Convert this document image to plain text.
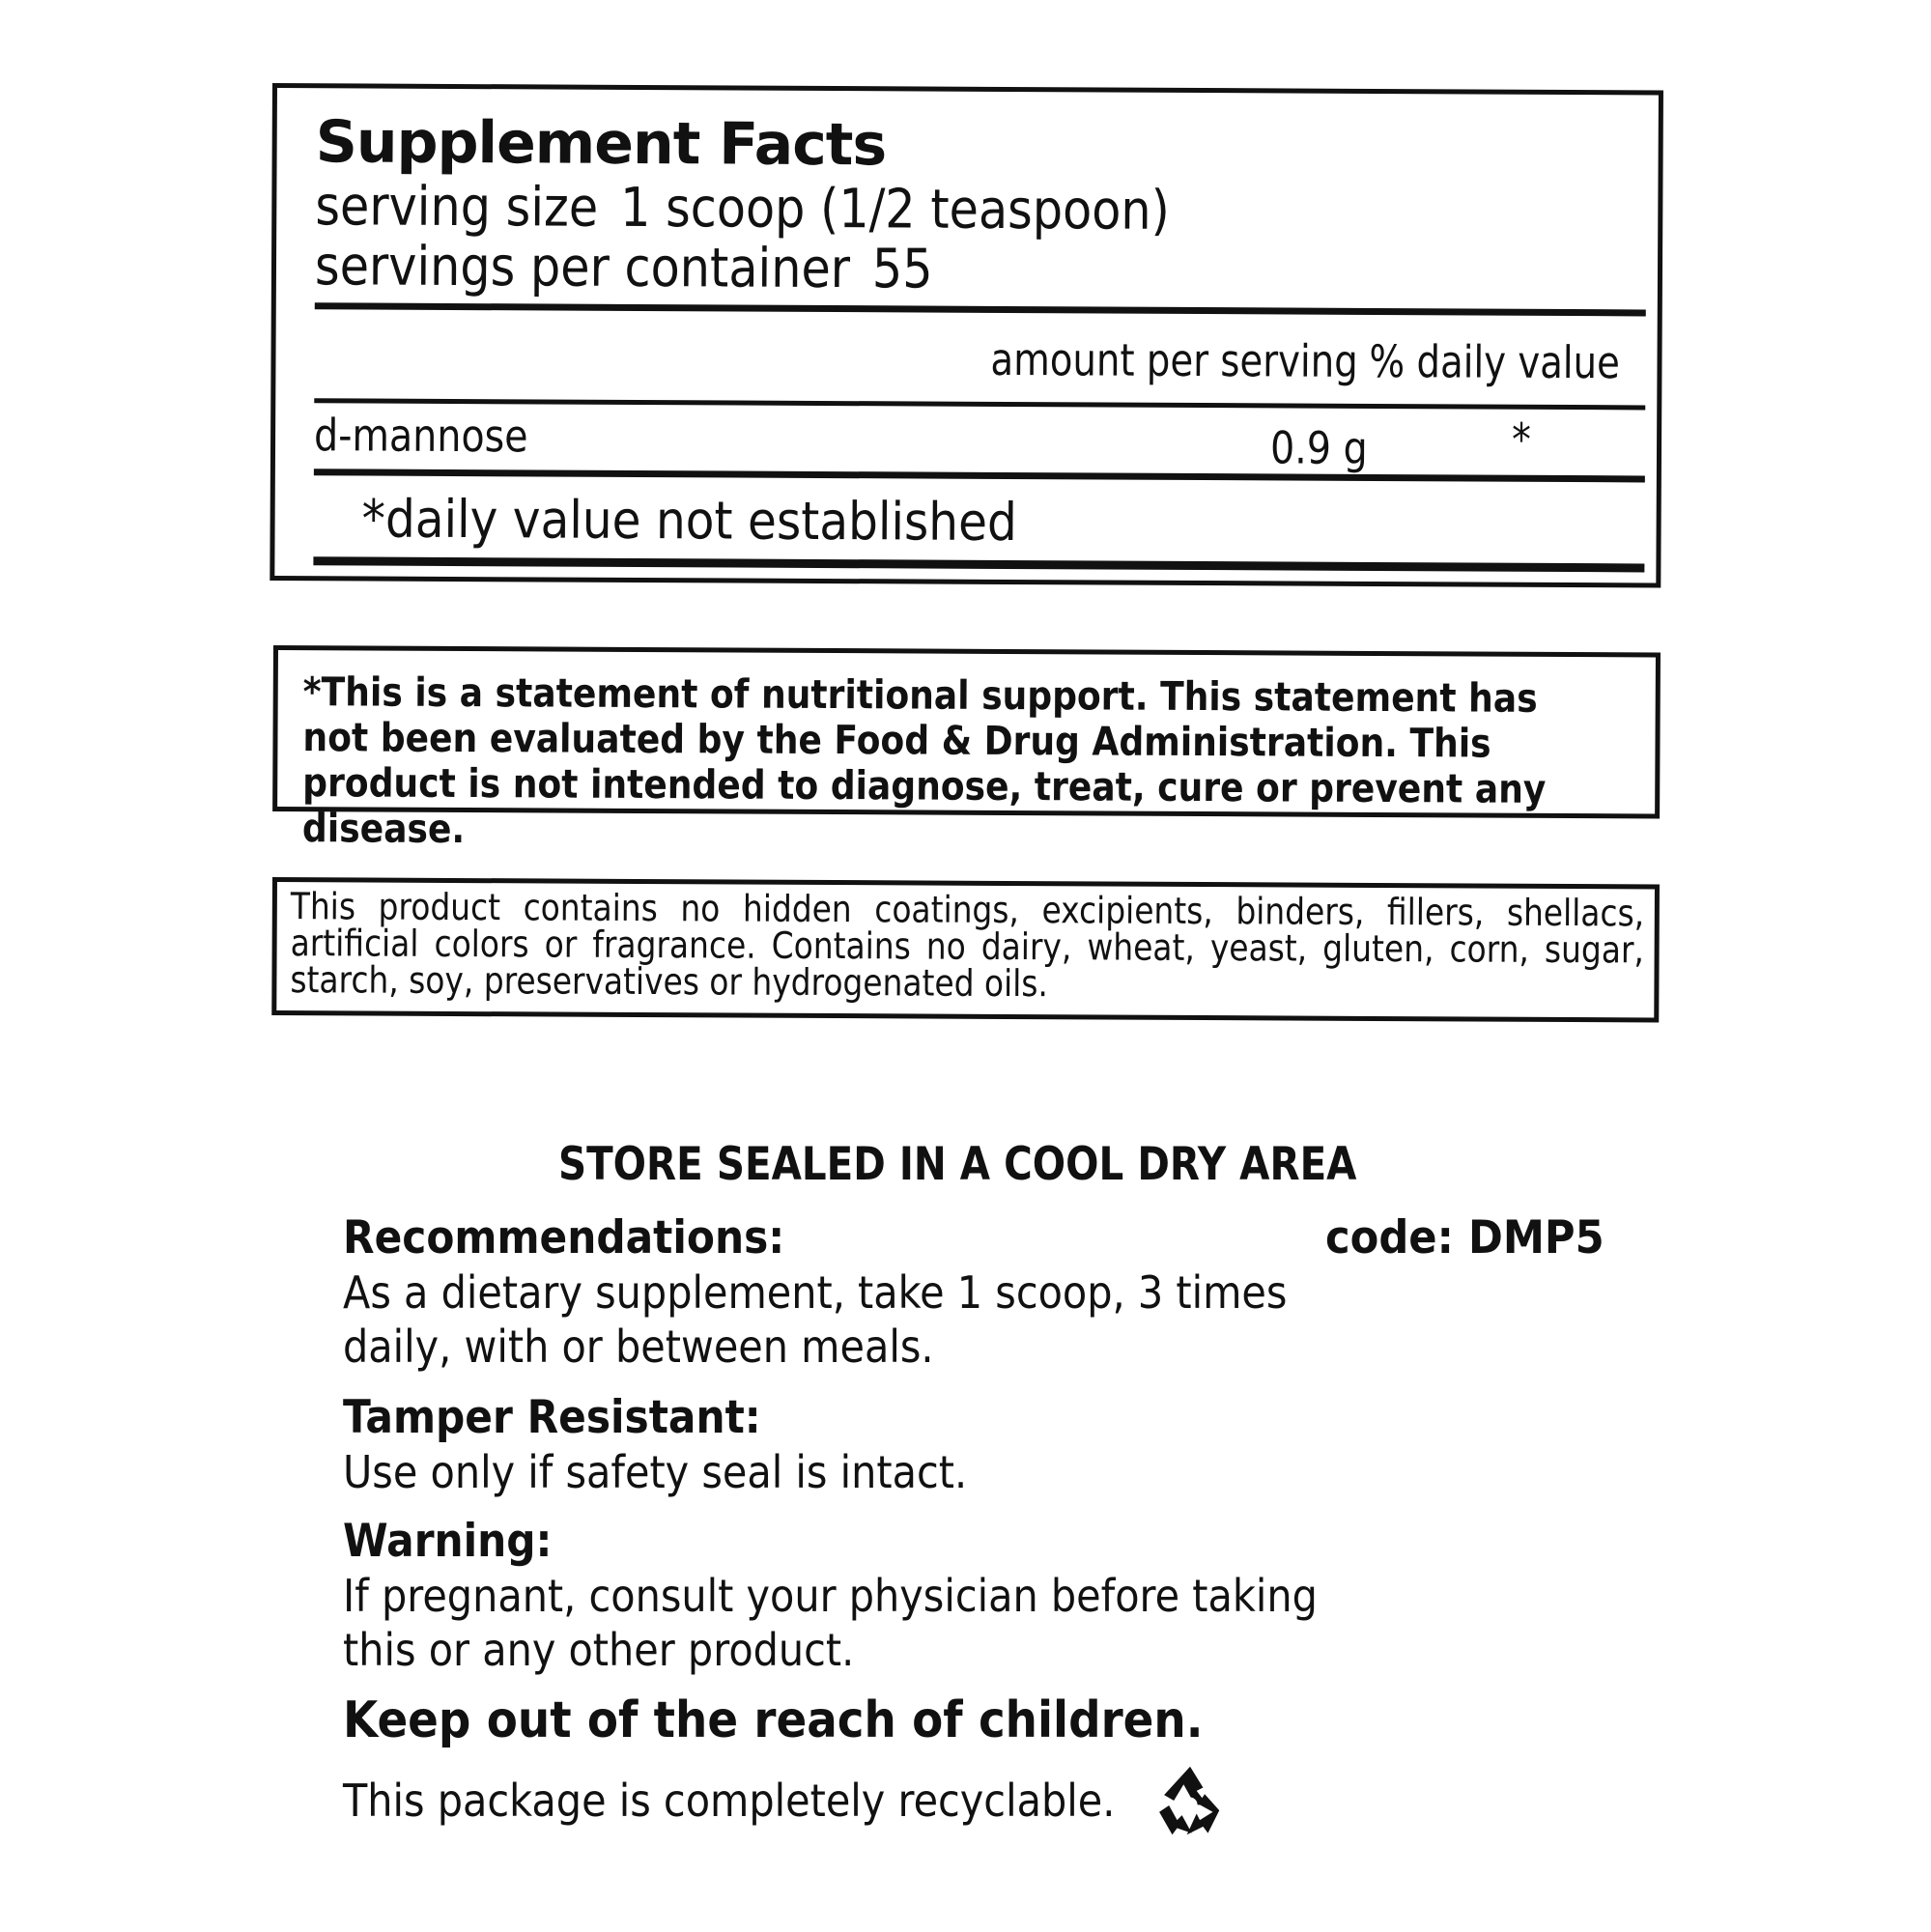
Supplement Facts
serving size 1 scoop (1/2 teaspoon)
servings per container 55
amount per serving % daily value
d-mannose	0.9 g	*
*daily value not established

*This is a statement of nutritional support. This statement has not been evaluated by the Food & Drug Administration. This product is not intended to diagnose, treat, cure or prevent any disease.

This product contains no hidden coatings, excipients, binders, fillers, shellacs, artificial colors or fragrance. Contains no dairy, wheat, yeast, gluten, corn, sugar, starch, soy, preservatives or hydrogenated oils.

STORE SEALED IN A COOL DRY AREA
Recommendations:
As a dietary supplement, take 1 scoop, 3 times daily, with or between meals.
code: DMP5
Tamper Resistant:
Use only if safety seal is intact.
Warning:
If pregnant, consult your physician before taking this or any other product.
Keep out of the reach of children.
This package is completely recyclable.
